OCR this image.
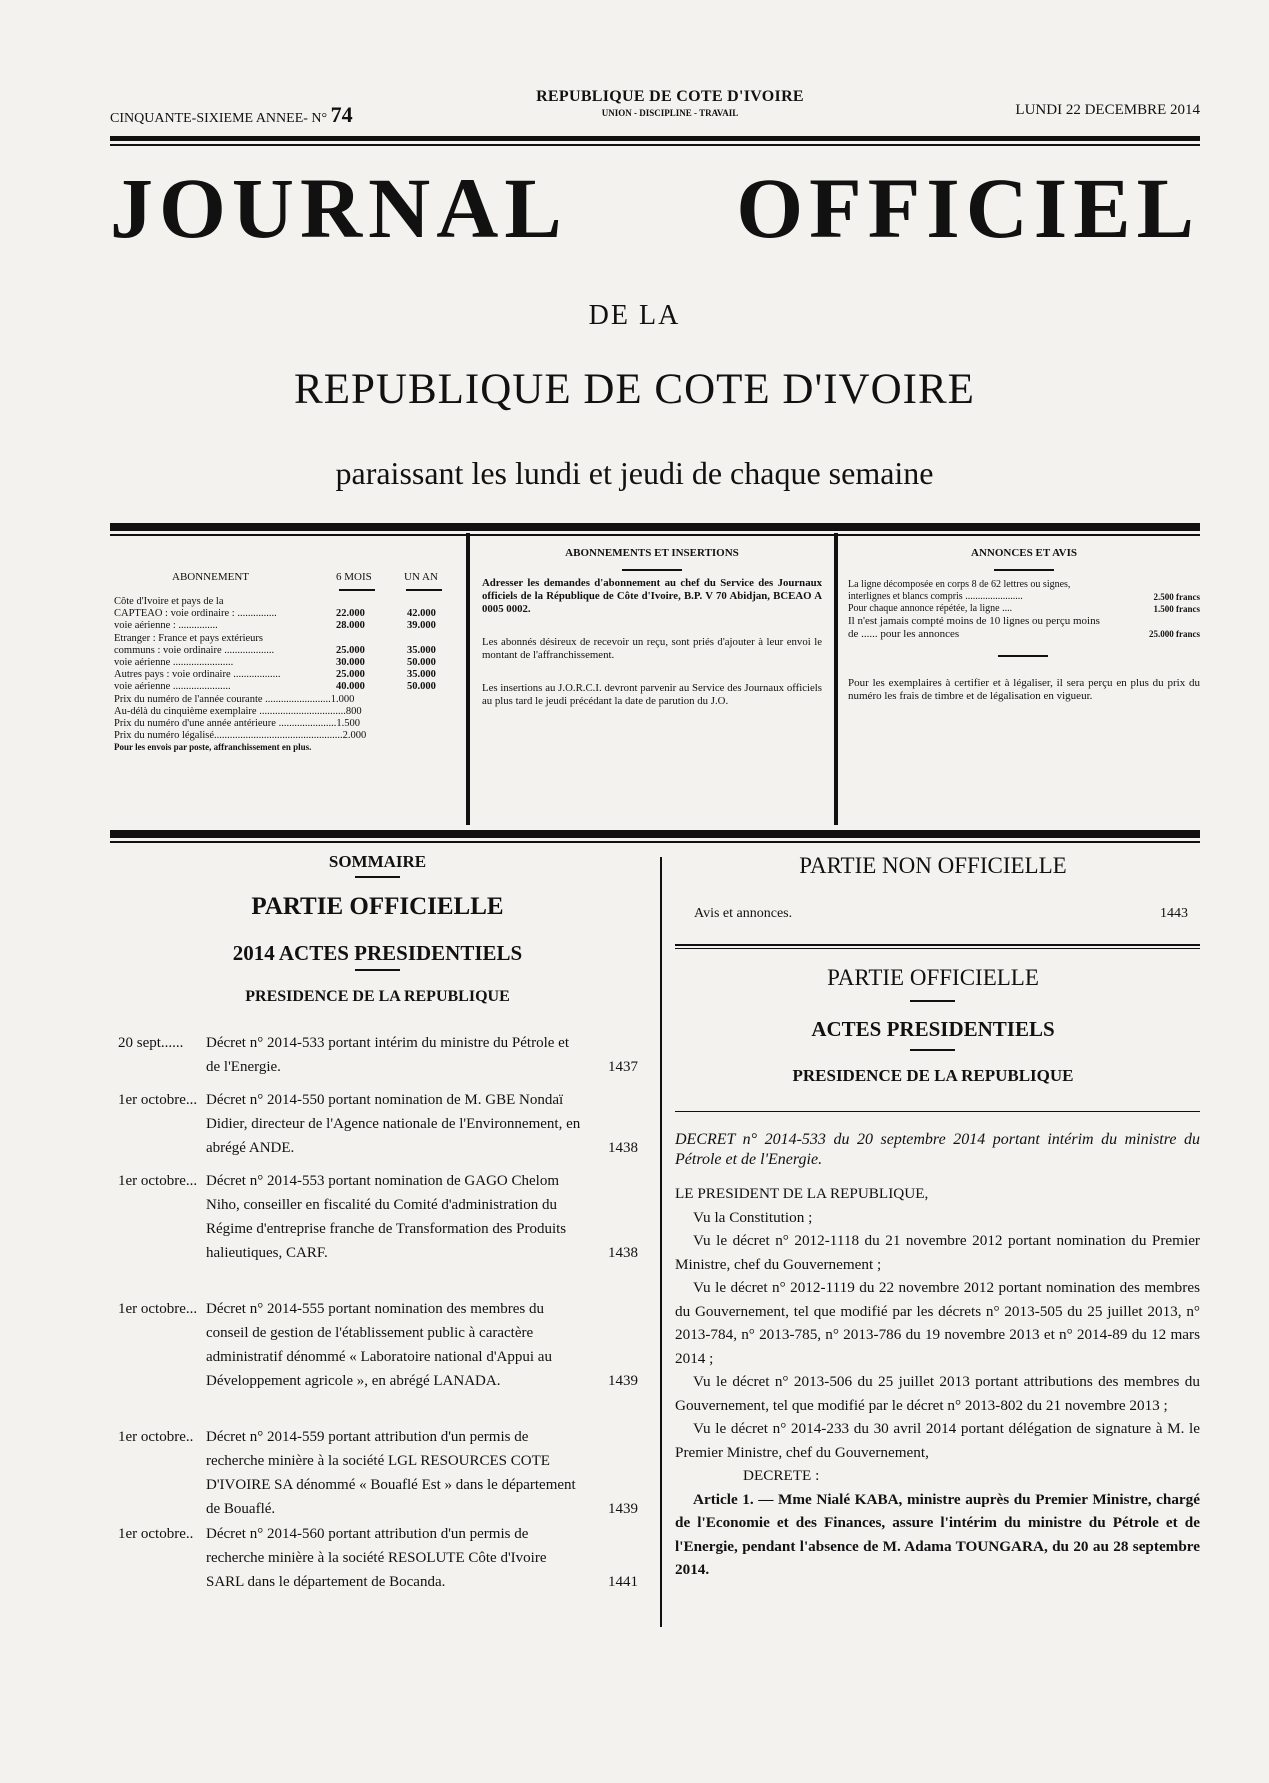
CINQUANTE-SIXIEME ANNEE- N° 74
REPUBLIQUE DE COTE D'IVOIRE
UNION - DISCIPLINE - TRAVAIL	LUNDI 22 DECEMBRE 2014
JOURNAL OFFICIEL
DE LA
REPUBLIQUE DE COTE D'IVOIRE
paraissant les lundi et jeudi de chaque semaine
ABONNEMENT	6 MOIS	UN AN
Côte d'Ivoire et pays de la
CAPTEAO : voie ordinaire : ...............	22.000	42.000
voie aérienne : ...............	28.000	39.000
Etranger : France et pays extérieurs
communs : voie ordinaire ...................	25.000	35.000
voie aérienne .......................	30.000	50.000
Autres pays : voie ordinaire ..................	25.000	35.000
voie aérienne ......................	40.000	50.000
Prix du numéro de l'année courante .........................1.000
Au-délà du cinquième exemplaire .................................800
Prix du numéro d'une année antérieure ......................1.500
Prix du numéro légalisé.................................................2.000
Pour les envois par poste, affranchissement en plus.
ABONNEMENTS ET INSERTIONS
Adresser les demandes d'abonnement au chef du Service des Journaux officiels de la République de Côte d'Ivoire, B.P. V 70 Abidjan, BCEAO A 0005 0002.
Les abonnés désireux de recevoir un reçu, sont priés d'ajouter à leur envoi le montant de l'affranchissement.
Les insertions au J.O.R.C.I. devront parvenir au Service des Journaux officiels au plus tard le jeudi précédant la date de parution du J.O.
ANNONCES ET AVIS
La ligne décomposée en corps 8 de 62 lettres ou signes, interlignes et blancs compris .......................	2.500 francs
Pour chaque annonce répétée, la ligne ....	1.500 francs
Il n'est jamais compté moins de 10 lignes ou perçu moins de ...... pour les annonces	25.000 francs
Pour les exemplaires à certifier et à légaliser, il sera perçu en plus du prix du numéro les frais de timbre et de légalisation en vigueur.
SOMMAIRE
PARTIE OFFICIELLE
2014 ACTES PRESIDENTIELS
PRESIDENCE DE LA REPUBLIQUE
20 sept...... Décret n° 2014-533 portant intérim du ministre du Pétrole et de l'Energie.	1437
1er octobre... Décret n° 2014-550 portant nomination de M. GBE Nondaï Didier, directeur de l'Agence nationale de l'Environnement, en abrégé ANDE.	1438
1er octobre... Décret n° 2014-553 portant nomination de GAGO Chelom Niho, conseiller en fiscalité du Comité d'administration du Régime d'entreprise franche de Transformation des Produits halieutiques, CARF.	1438
1er octobre... Décret n° 2014-555 portant nomination des membres du conseil de gestion de l'établissement public à caractère administratif dénommé « Laboratoire national d'Appui au Développement agricole », en abrégé LANADA.	1439
1er octobre.. Décret n° 2014-559 portant attribution d'un permis de recherche minière à la société LGL RESOURCES COTE D'IVOIRE SA dénommé « Bouaflé Est » dans le département de Bouaflé.	1439
1er octobre.. Décret n° 2014-560 portant attribution d'un permis de recherche minière à la société RESOLUTE Côte d'Ivoire SARL dans le département de Bocanda.	1441
PARTIE NON OFFICIELLE
Avis et annonces.	1443
PARTIE OFFICIELLE
ACTES PRESIDENTIELS
PRESIDENCE DE LA REPUBLIQUE
DECRET n° 2014-533 du 20 septembre 2014 portant intérim du ministre du Pétrole et de l'Energie.
LE PRESIDENT DE LA REPUBLIQUE,
Vu la Constitution ;
Vu le décret n° 2012-1118 du 21 novembre 2012 portant nomination du Premier Ministre, chef du Gouvernement ;
Vu le décret n° 2012-1119 du 22 novembre 2012 portant nomination des membres du Gouvernement, tel que modifié par les décrets n° 2013-505 du 25 juillet 2013, n° 2013-784, n° 2013-785, n° 2013-786 du 19 novembre 2013 et n° 2014-89 du 12 mars 2014 ;
Vu le décret n° 2013-506 du 25 juillet 2013 portant attributions des membres du Gouvernement, tel que modifié par le décret n° 2013-802 du 21 novembre 2013 ;
Vu le décret n° 2014-233 du 30 avril 2014 portant délégation de signature à M. le Premier Ministre, chef du Gouvernement,
DECRETE :
Article 1. — Mme Nialé KABA, ministre auprès du Premier Ministre, chargé de l'Economie et des Finances, assure l'intérim du ministre du Pétrole et de l'Energie, pendant l'absence de M. Adama TOUNGARA, du 20 au 28 septembre 2014.
